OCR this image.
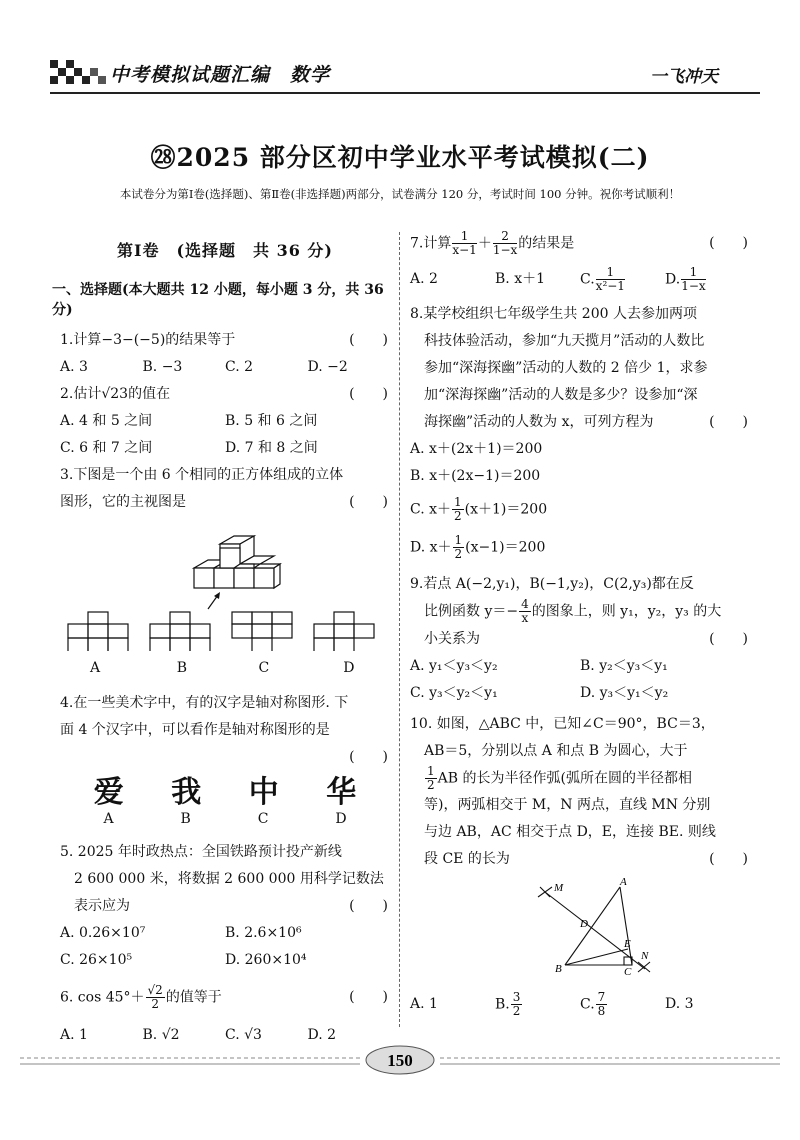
中考模拟试题汇编　数学	一飞冲天
㉘2025 部分区初中学业水平考试模拟(二)
本试卷分为第Ⅰ卷(选择题)、第Ⅱ卷(非选择题)两部分，试卷满分 120 分，考试时间 100 分钟。祝你考试顺利！
第Ⅰ卷　(选择题　共 36 分)
一、选择题(本大题共 12 小题，每小题 3 分，共 36 分)
1.计算−3−(−5)的结果等于	(　　)
A. 3	B. −3	C. 2	D. −2
2.估计√23的值在	(　　)
A. 4 和 5 之间	B. 5 和 6 之间
C. 6 和 7 之间	D. 7 和 8 之间
3.下图是一个由 6 个相同的正方体组成的立体
图形，它的主视图是	(　　)
A	B	C	D
4.在一些美术字中，有的汉字是轴对称图形. 下
面 4 个汉字中，可以看作是轴对称图形的是
(　　)
爱 我 中 华
A	B	C	D
5. 2025 年时政热点：全国铁路预计投产新线
2 600 000 米，将数据 2 600 000 用科学记数法
表示应为	(　　)
A. 0.26×10⁷	B. 2.6×10⁶
C. 26×10⁵	D. 260×10⁴
6. $\cos 45^\circ+ \frac{√2}{2}$ 的值等于	(　　)
A. 1	B. √2	C. √3	D. 2
7.计算 $\frac{1}{x-1} + \frac{2}{1-x}$ 的结果是	(　　)
A. 2	B. x＋1	C. $\frac{1}{\text{x²−1}}$	D. $\frac{1}{1-x}$
8.某学校组织七年级学生共 200 人去参加两项
科技体验活动，参加“九天揽月”活动的人数比
参加“深海探幽”活动的人数的 2 倍少 1，求参
加“深海探幽”活动的人数是多少？设参加“深
海探幽”活动的人数为 x，可列方程为	(　　)
A. x＋(2x＋1)＝200
B. x＋(2x−1)＝200
C. $x+ \frac{1}{2} (x+1)=200$
D. $x+ \frac{1}{2} (x-1)=200$
9.若点 A(−2,y₁)，B(−1,y₂)，C(2,y₃)都在反
比例函数 $y=- \frac{4}{x}$ 的图象上，则 y₁，y₂，y₃ 的大
小关系为	(　　)
A. y₁＜y₃＜y₂	B. y₂＜y₃＜y₁
C. y₃＜y₂＜y₁	D. y₃＜y₁＜y₂
10. 如图，△ABC 中，已知∠C＝90°，BC＝3，
AB＝5，分别以点 A 和点 B 为圆心，大于
$\frac{1}{2}$ AB 的长为半径作弧(弧所在圆的半径都相
等)，两弧相交于 M，N 两点，直线 MN 分别
与边 AB，AC 相交于点 D，E，连接 BE. 则线
段 CE 的长为	(　　)
M	A
D
E
N
B	C
A. 1	B. $\frac{3}{2}$	C. $\frac{7}{8}$	D. 3
150
